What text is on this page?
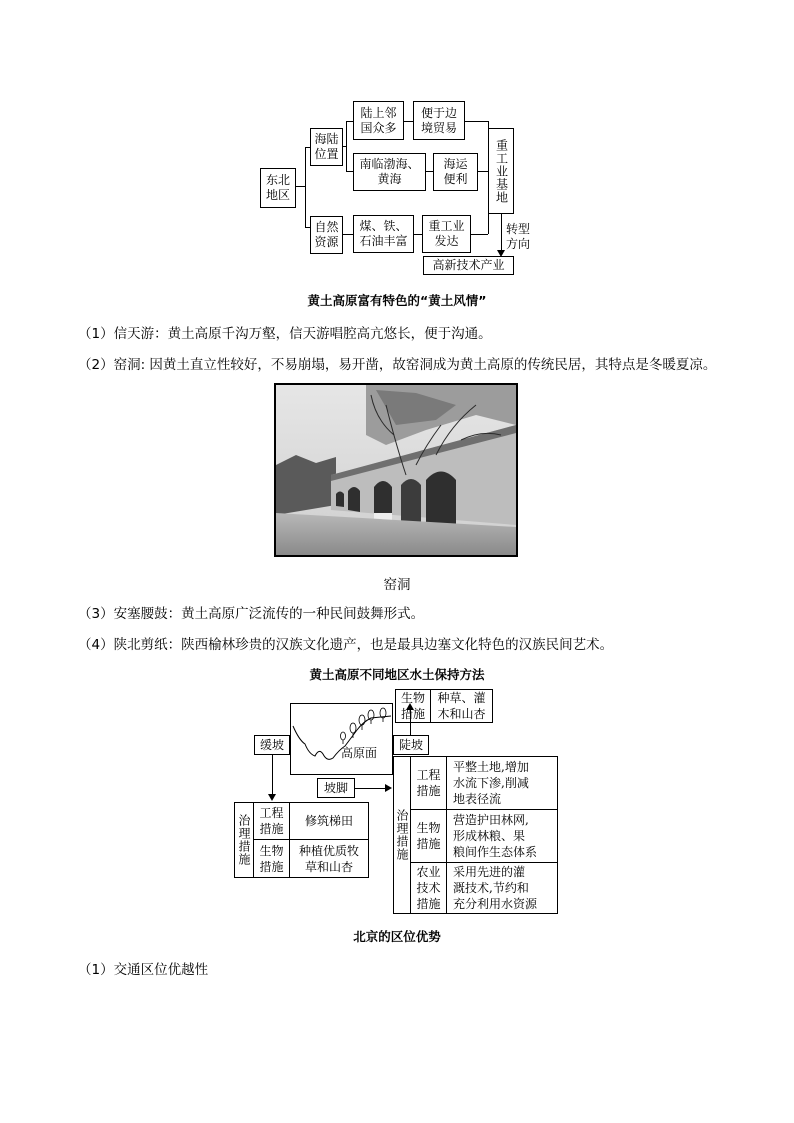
东北
地区
海陆
位置
自然
资源
陆上邻
国众多
便于边
境贸易
南临渤海、
黄海
海运
便利
煤、铁、
石油丰富
重工业
发达
重工业基地
转型
方向
高新技术产业
黄土高原富有特色的“黄土风情”
（1）信天游：黄土高原千沟万壑，信天游唱腔高亢悠长，便于沟通。
（2）窑洞: 因黄土直立性较好，不易崩塌，易开凿，故窑洞成为黄土高原的传统民居，其特点是冬暖夏凉。
窑洞
（3）安塞腰鼓：黄土高原广泛流传的一种民间鼓舞形式。
（4）陕北剪纸：陕西榆林珍贵的汉族文化遗产，也是最具边塞文化特色的汉族民间艺术。
黄土高原不同地区水土保持方法
生物
措施
种草、灌
木和山杏
高原面
缓坡	陡坡
坡脚
治理措施
工程
措施
修筑梯田
生物
措施
种植优质牧
草和山杏
治理措施
工程
措施
平整土地,增加
水流下渗,削减
地表径流
生物
措施
营造护田林网,
形成林粮、果
粮间作生态体系
农业
技术
措施
采用先进的灌
溉技术,节约和
充分利用水资源
北京的区位优势
（1）交通区位优越性
